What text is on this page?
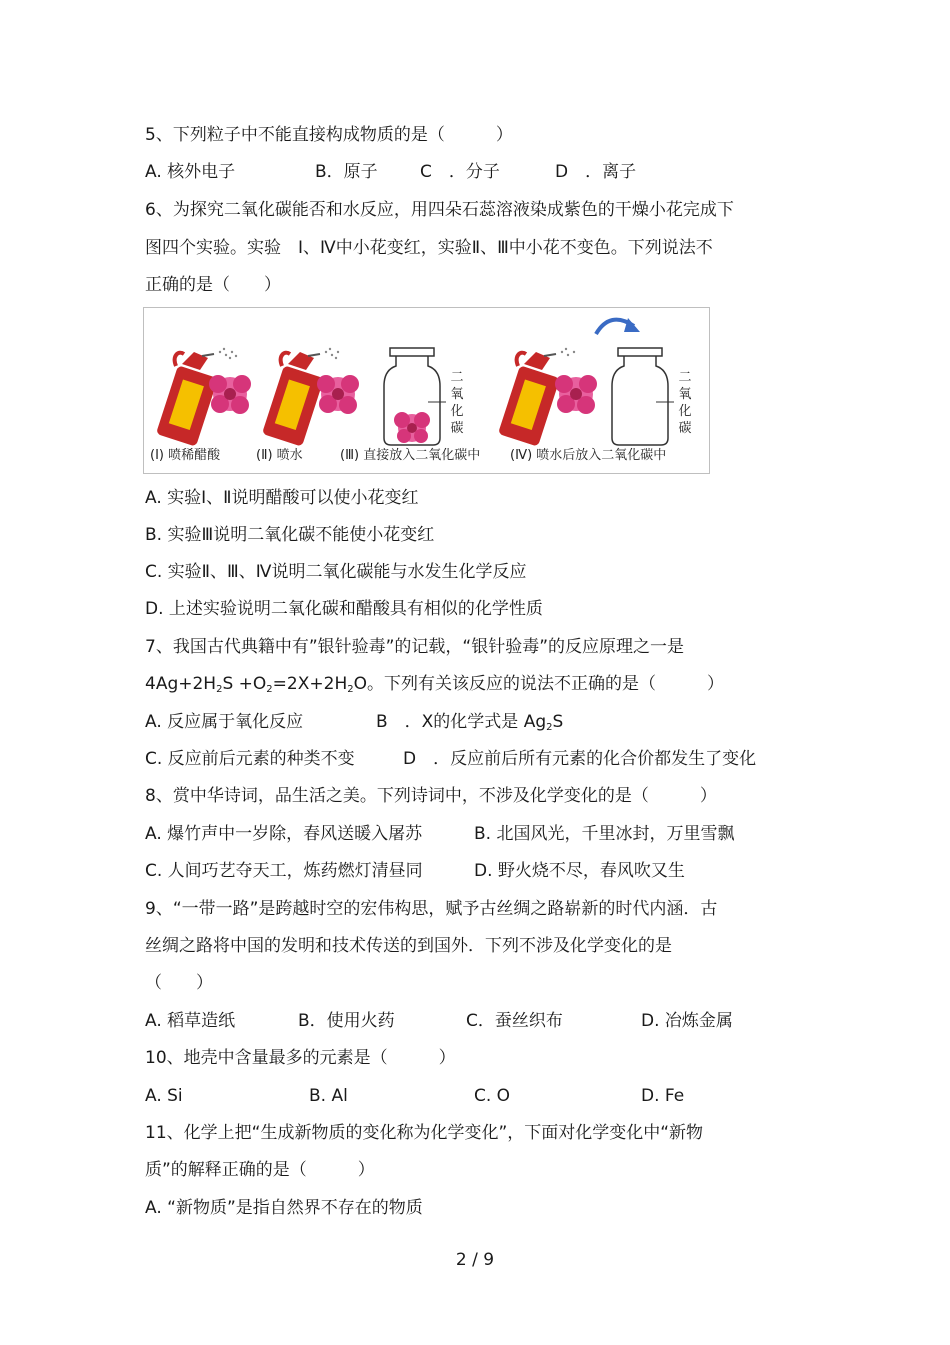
5、下列粒子中不能直接构成物质的是（　　　）
A. 核外电子	B．原子 C　．分子	D　．离子
6、为探究二氧化碳能否和水反应，用四朵石蕊溶液染成紫色的干燥小花完成下
图四个实验。实验　Ⅰ、Ⅳ中小花变红，实验Ⅱ、Ⅲ中小花不变色。下列说法不
正确的是（　　）
二
氧
化
碳
二
氧
化
碳
(Ⅰ) 喷稀醋酸	(Ⅱ) 喷水	(Ⅲ) 直接放入二氧化碳中 (Ⅳ) 喷水后放入二氧化碳中
A. 实验Ⅰ、Ⅱ说明醋酸可以使小花变红
B. 实验Ⅲ说明二氧化碳不能使小花变红
C. 实验Ⅱ、Ⅲ、Ⅳ说明二氧化碳能与水发生化学反应
D. 上述实验说明二氧化碳和醋酸具有相似的化学性质
7、我国古代典籍中有”银针验毒”的记载，“银针验毒”的反应原理之一是
$4Ag+2H_2S +O_2=2X+2H_2O$。下列有关该反应的说法不正确的是（　　　）
A. 反应属于氧化反应	B　．X的化学式是 $Ag_2S$
C. 反应前后元素的种类不变	D　．反应前后所有元素的化合价都发生了变化
8、赏中华诗词，品生活之美。下列诗词中，不涉及化学变化的是（　　　）
A. 爆竹声中一岁除，春风送暖入屠苏	B. 北国风光，千里冰封，万里雪飘
C. 人间巧艺夺天工，炼药燃灯清昼同	D. 野火烧不尽，春风吹又生
9、“一带一路”是跨越时空的宏伟构思，赋予古丝绸之路崭新的时代内涵．古
丝绸之路将中国的发明和技术传送的到国外．下列不涉及化学变化的是
（　　）
A. 稻草造纸	B．使用火药	C．蚕丝织布	D. 冶炼金属
10、地壳中含量最多的元素是（　　　）
A. Si	B. Al	C. O	D. Fe
11、化学上把“生成新物质的变化称为化学变化”，下面对化学变化中“新物
质”的解释正确的是（　　　）
A. “新物质”是指自然界不存在的物质
2 / 9
